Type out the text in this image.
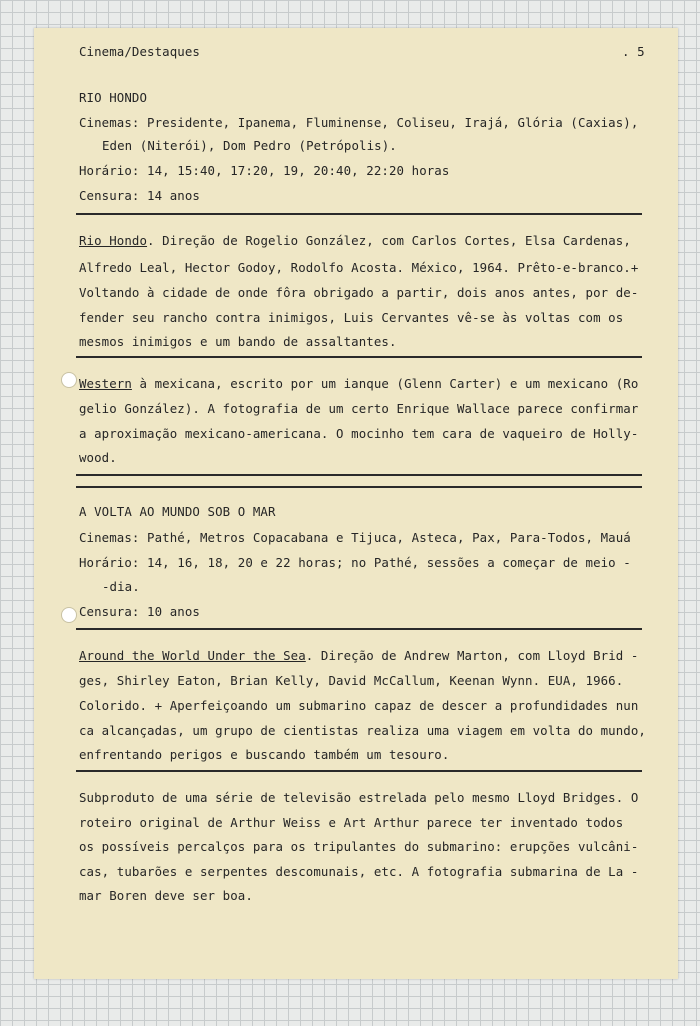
Cinema/Destaques	. 5
RIO HONDO
Cinemas: Presidente, Ipanema, Fluminense, Coliseu, Irajá, Glória (Caxias),
Eden (Niterói), Dom Pedro (Petrópolis).
Horário: 14, 15:40, 17:20, 19, 20:40, 22:20 horas
Censura: 14 anos
Rio Hondo. Direção de Rogelio González, com Carlos Cortes, Elsa Cardenas,
Alfredo Leal, Hector Godoy, Rodolfo Acosta. México, 1964. Prêto-e-branco.+
Voltando à cidade de onde fôra obrigado a partir, dois anos antes, por de-
fender seu rancho contra inimigos, Luis Cervantes vê-se às voltas com os
mesmos inimigos e um bando de assaltantes.
Western à mexicana, escrito por um ianque (Glenn Carter) e um mexicano (Ro
gelio González). A fotografia de um certo Enrique Wallace parece confirmar
a aproximação mexicano-americana. O mocinho tem cara de vaqueiro de Holly-
wood.
A VOLTA AO MUNDO SOB O MAR
Cinemas: Pathé, Metros Copacabana e Tijuca, Asteca, Pax, Para-Todos, Mauá
Horário: 14, 16, 18, 20 e 22 horas; no Pathé, sessões a começar de meio -
-dia.
Censura: 10 anos
Around the World Under the Sea. Direção de Andrew Marton, com Lloyd Brid -
ges, Shirley Eaton, Brian Kelly, David McCallum, Keenan Wynn. EUA, 1966.
Colorido. + Aperfeiçoando um submarino capaz de descer a profundidades nun
ca alcançadas, um grupo de cientistas realiza uma viagem em volta do mundo,
enfrentando perigos e buscando também um tesouro.
Subproduto de uma série de televisão estrelada pelo mesmo Lloyd Bridges. O
roteiro original de Arthur Weiss e Art Arthur parece ter inventado todos
os possíveis percalços para os tripulantes do submarino: erupções vulcâni-
cas, tubarões e serpentes descomunais, etc. A fotografia submarina de La -
mar Boren deve ser boa.
